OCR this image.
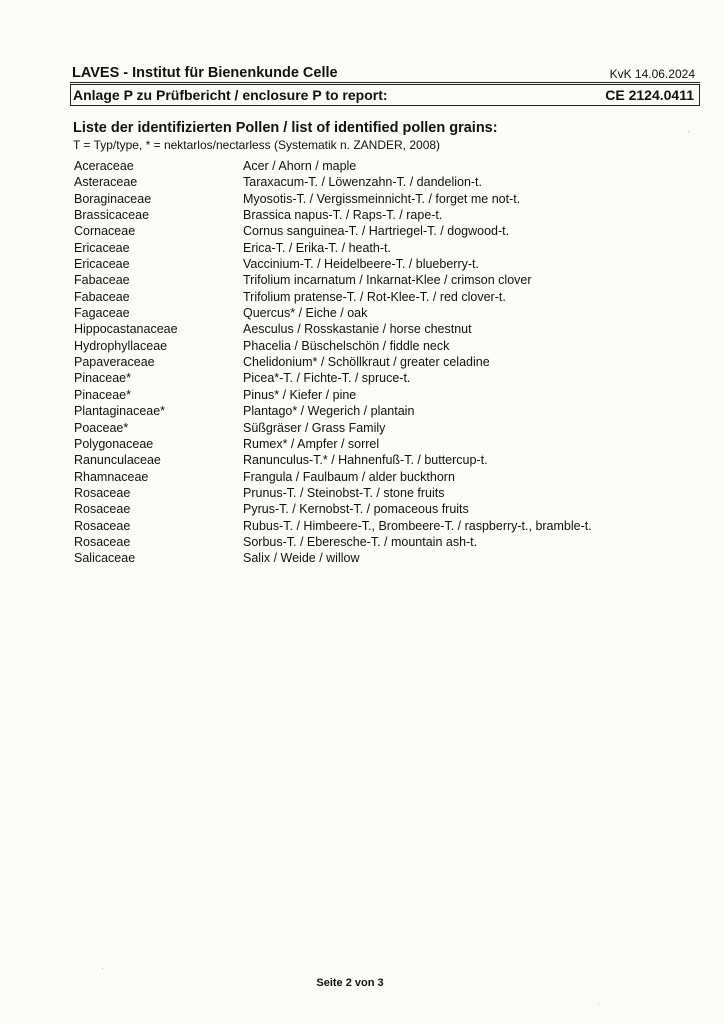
LAVES - Institut für Bienenkunde Celle	KvK 14.06.2024
Anlage P zu Prüfbericht / enclosure P to report:	CE 2124.0411
Liste der identifizierten Pollen / list of identified pollen grains:
T = Typ/type, * = nektarlos/nectarless (Systematik n. ZANDER, 2008)
Aceraceae	Acer / Ahorn / maple
Asteraceae	Taraxacum-T. / Löwenzahn-T. / dandelion-t.
Boraginaceae	Myosotis-T. / Vergissmeinnicht-T. / forget me not-t.
Brassicaceae	Brassica napus-T. / Raps-T. / rape-t.
Cornaceae	Cornus sanguinea-T. / Hartriegel-T. / dogwood-t.
Ericaceae	Erica-T. / Erika-T. / heath-t.
Ericaceae	Vaccinium-T. / Heidelbeere-T. / blueberry-t.
Fabaceae	Trifolium incarnatum / Inkarnat-Klee / crimson clover
Fabaceae	Trifolium pratense-T. / Rot-Klee-T. / red clover-t.
Fagaceae	Quercus* / Eiche / oak
Hippocastanaceae	Aesculus / Rosskastanie / horse chestnut
Hydrophyllaceae	Phacelia / Büschelschön / fiddle neck
Papaveraceae	Chelidonium* / Schöllkraut / greater celadine
Pinaceae*	Picea*-T. / Fichte-T. / spruce-t.
Pinaceae*	Pinus* / Kiefer / pine
Plantaginaceae*	Plantago* / Wegerich / plantain
Poaceae*	Süßgräser / Grass Family
Polygonaceae	Rumex* / Ampfer / sorrel
Ranunculaceae	Ranunculus-T.* / Hahnenfuß-T. / buttercup-t.
Rhamnaceae	Frangula / Faulbaum / alder buckthorn
Rosaceae	Prunus-T. / Steinobst-T. / stone fruits
Rosaceae	Pyrus-T. / Kernobst-T. / pomaceous fruits
Rosaceae	Rubus-T. / Himbeere-T., Brombeere-T. / raspberry-t., bramble-t.
Rosaceae	Sorbus-T. / Eberesche-T. / mountain ash-t.
Salicaceae	Salix / Weide / willow
Seite 2 von 3
